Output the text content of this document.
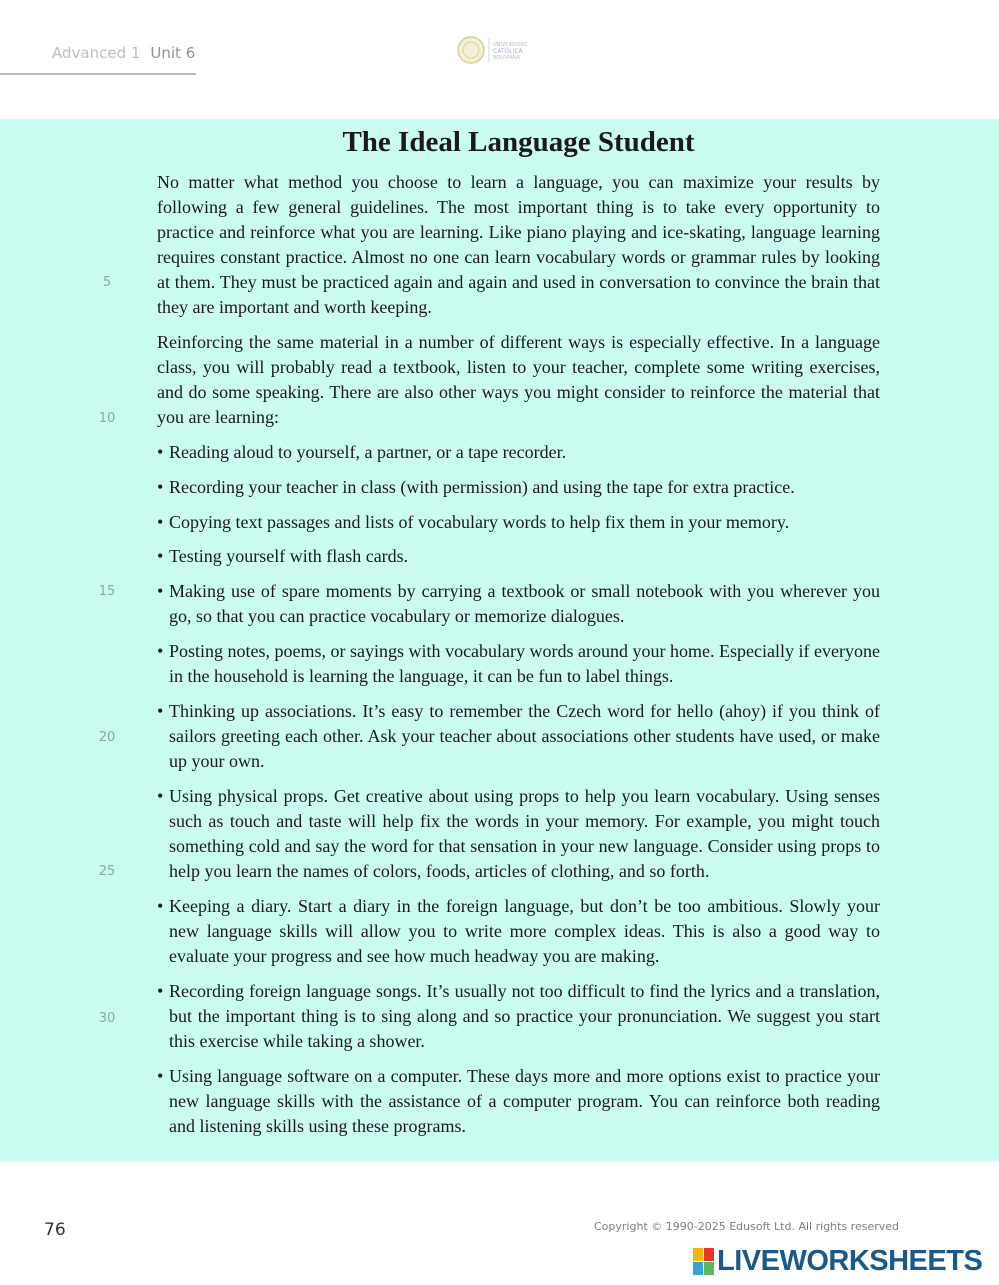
Advanced 1 Unit 6	UNIVERSIDAD
CATÓLICA
BOLIVIANA
The Ideal Language Student

No matter what method you choose to learn a language, you can maximize your results by following a few general guidelines. The most important thing is to take every opportunity to practice and reinforce what you are learning. Like piano playing and ice-skating, language learning requires constant practice. Almost no one can learn vocabulary words or grammar rules by looking at them. They must be practiced again and again and used in conversation to convince the brain that they are important and worth keeping.

Reinforcing the same material in a number of different ways is especially effective. In a language class, you will probably read a textbook, listen to your teacher, complete some writing exercises, and do some speaking. There are also other ways you might consider to reinforce the material that you are learning:

• Reading aloud to yourself, a partner, or a tape recorder.
• Recording your teacher in class (with permission) and using the tape for extra practice.
• Copying text passages and lists of vocabulary words to help fix them in your memory.
• Testing yourself with flash cards.
• Making use of spare moments by carrying a textbook or small notebook with you wherever you go, so that you can practice vocabulary or memorize dialogues.
• Posting notes, poems, or sayings with vocabulary words around your home. Especially if everyone in the household is learning the language, it can be fun to label things.
• Thinking up associations. It’s easy to remember the Czech word for hello (ahoy) if you think of sailors greeting each other. Ask your teacher about associations other students have used, or make up your own.
• Using physical props. Get creative about using props to help you learn vocabulary. Using senses such as touch and taste will help fix the words in your memory. For example, you might touch something cold and say the word for that sensation in your new language. Consider using props to help you learn the names of colors, foods, articles of clothing, and so forth.
• Keeping a diary. Start a diary in the foreign language, but don’t be too ambitious. Slowly your new language skills will allow you to write more complex ideas. This is also a good way to evaluate your progress and see how much headway you are making.
• Recording foreign language songs. It’s usually not too difficult to find the lyrics and a translation, but the important thing is to sing along and so practice your pronunciation. We suggest you start this exercise while taking a shower.
• Using language software on a computer. These days more and more options exist to practice your new language skills with the assistance of a computer program. You can reinforce both reading and listening skills using these programs.
5
10
15
20
25
30
76	Copyright © 1990-2025 Edusoft Ltd. All rights reserved
LIVEWORKSHEETS
